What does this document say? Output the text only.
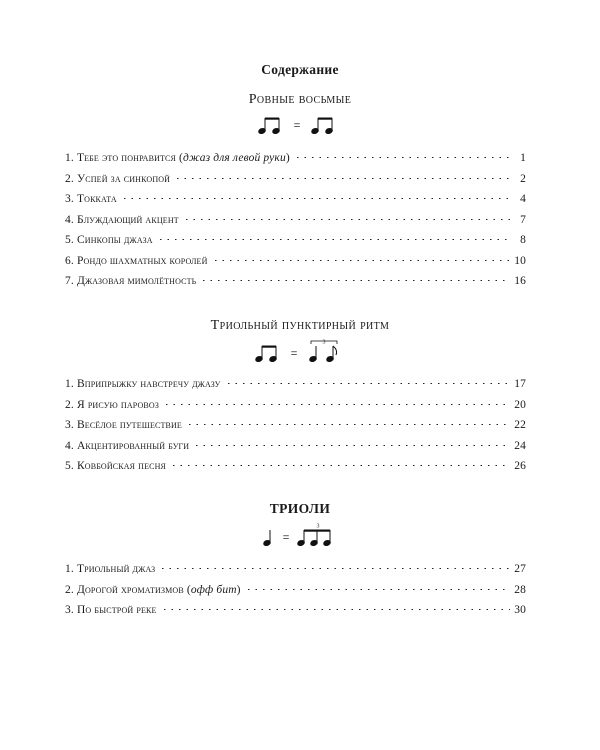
Содержание
Ровные восьмые
=
1. Тебе это понравится (джаз для левой руки)	1
2. Успей за синкопой	2
3. Токката	4
4. Блуждающий акцент	7
5. Синкопы джаза	8
6. Рондо шахматных королей	10
7. Джазовая мимолётность	16
Триольный пунктирный ритм
=
3
1. Вприпрыжку навстречу джазу	17
2. Я рисую паровоз	20
3. Весёлое путешествие	22
4. Акцентированный буги	24
5. Ковбойская песня	26
ТРИОЛИ
=
3
1. Триольный джаз	27
2. Дорогой хроматизмов (офф бит)	28
3. По быстрой реке	30
